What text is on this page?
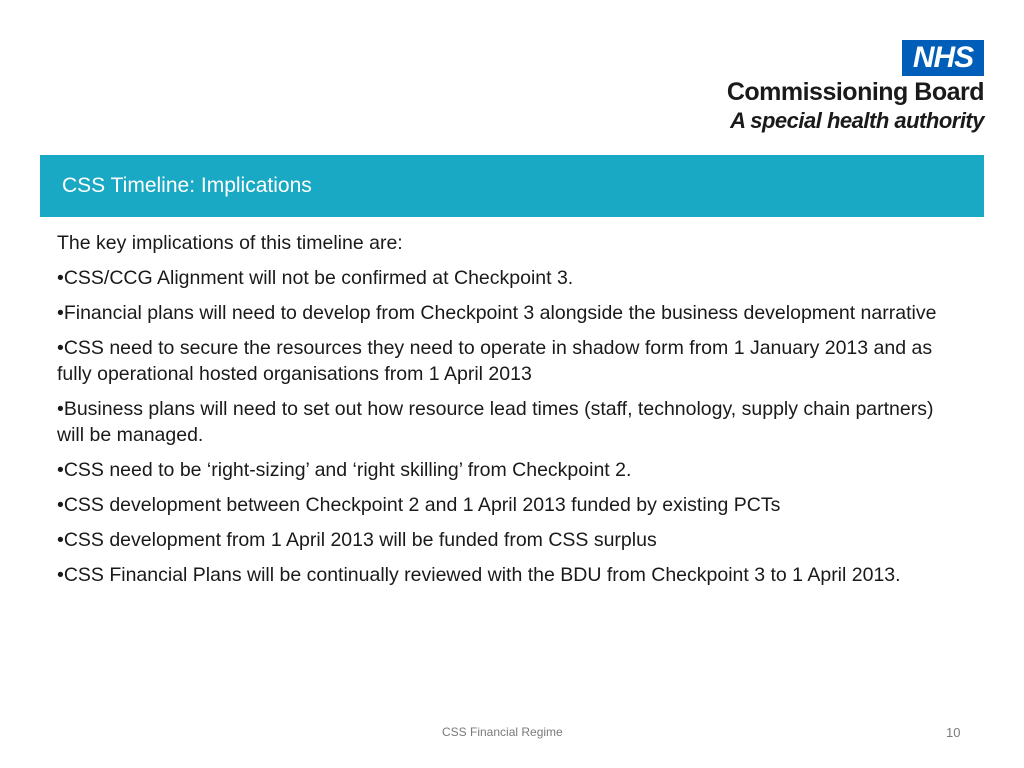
NHS
Commissioning Board
A special health authority
CSS Timeline: Implications

The key implications of this timeline are:

•CSS/CCG Alignment will not be confirmed at Checkpoint 3.

•Financial plans will need to develop from Checkpoint 3 alongside the business development narrative

•CSS need to secure the resources they need to operate in shadow form from 1 January 2013 and as fully operational hosted organisations from 1 April 2013

•Business plans will need to set out how resource lead times (staff, technology, supply chain partners) will be managed.

•CSS need to be ‘right-sizing’ and ‘right skilling’ from Checkpoint 2.

•CSS development between Checkpoint 2 and 1 April 2013 funded by existing PCTs

•CSS development from 1 April 2013 will be funded from CSS surplus

•CSS Financial Plans will be continually reviewed with the BDU from Checkpoint 3 to 1 April 2013.

CSS Financial Regime	10
